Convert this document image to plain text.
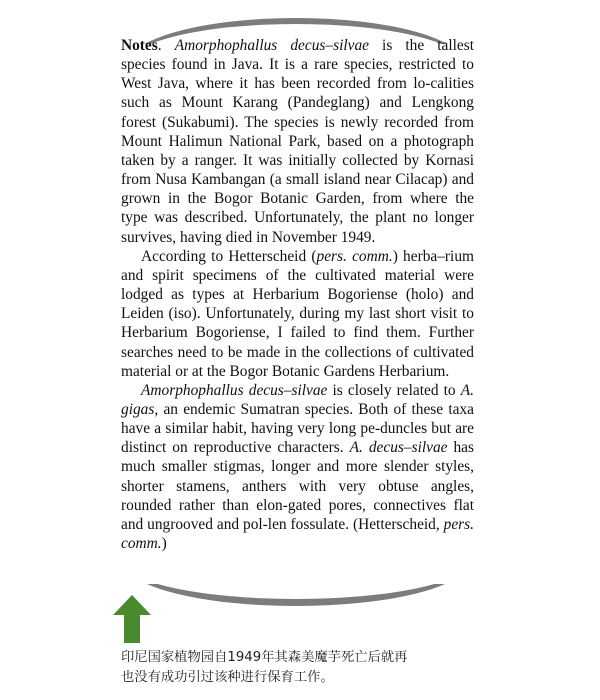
Notes. Amorphophallus decus–silvae is the tallest species found in Java. It is a rare species, restricted to West Java, where it has been recorded from lo-calities such as Mount Karang (Pandeglang) and Lengkong forest (Sukabumi). The species is newly recorded from Mount Halimun National Park, based on a photograph taken by a ranger. It was initially collected by Kornasi from Nusa Kambangan (a small island near Cilacap) and grown in the Bogor Botanic Garden, from where the type was described. Unfortunately, the plant no longer survives, having died in November 1949.

According to Hetterscheid (pers. comm.) herba–rium and spirit specimens of the cultivated material were lodged as types at Herbarium Bogoriense (holo) and Leiden (iso). Unfortunately, during my last short visit to Herbarium Bogoriense, I failed to find them. Further searches need to be made in the collections of cultivated material or at the Bogor Botanic Gardens Herbarium.

Amorphophallus decus–silvae is closely related to A. gigas, an endemic Sumatran species. Both of these taxa have a similar habit, having very long pe-duncles but are distinct on reproductive characters. A. decus–silvae has much smaller stigmas, longer and more slender styles, shorter stamens, anthers with very obtuse angles, rounded rather than elon-gated pores, connectives flat and ungrooved and pol-len fossulate. (Hetterscheid, pers. comm.)

印尼国家植物园自1949年其森美魔芋死亡后就再
也没有成功引过该种进行保育工作。
